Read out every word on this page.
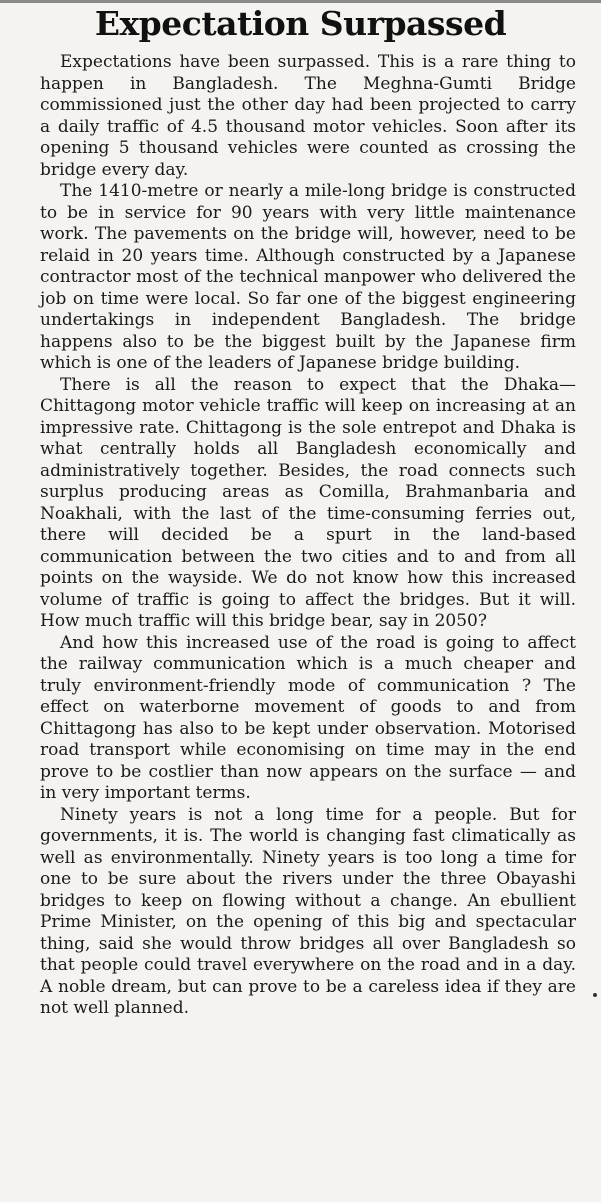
Expectation Surpassed

Expectations have been surpassed. This is a rare thing to happen in Bangladesh. The Meghna-Gumti Bridge commissioned just the other day had been projected to carry a daily traffic of 4.5 thousand motor vehicles. Soon after its opening 5 thousand vehicles were counted as crossing the bridge every day.

The 1410-metre or nearly a mile-long bridge is constructed to be in service for 90 years with very little maintenance work. The pavements on the bridge will, however, need to be relaid in 20 years time. Although constructed by a Japanese contractor most of the technical manpower who delivered the job on time were local. So far one of the biggest engineering undertakings in independent Bangladesh. The bridge happens also to be the biggest built by the Japanese firm which is one of the leaders of Japanese bridge building.

There is all the reason to expect that the Dhaka—Chittagong motor vehicle traffic will keep on increasing at an impressive rate. Chittagong is the sole entrepot and Dhaka is what centrally holds all Bangladesh economically and administratively together. Besides, the road connects such surplus producing areas as Comilla, Brahmanbaria and Noakhali, with the last of the time-consuming ferries out, there will decided be a spurt in the land-based communication between the two cities and to and from all points on the wayside. We do not know how this increased volume of traffic is going to affect the bridges. But it will. How much traffic will this bridge bear, say in 2050?

And how this increased use of the road is going to affect the railway communication which is a much cheaper and truly environment-friendly mode of communication ? The effect on waterborne movement of goods to and from Chittagong has also to be kept under observation. Motorised road transport while economising on time may in the end prove to be costlier than now appears on the surface — and in very important terms.

Ninety years is not a long time for a people. But for governments, it is. The world is changing fast climatically as well as environmentally. Ninety years is too long a time for one to be sure about the rivers under the three Obayashi bridges to keep on flowing without a change. An ebullient Prime Minister, on the opening of this big and spectacular thing, said she would throw bridges all over Bangladesh so that people could travel everywhere on the road and in a day. A noble dream, but can prove to be a careless idea if they are not well planned.
